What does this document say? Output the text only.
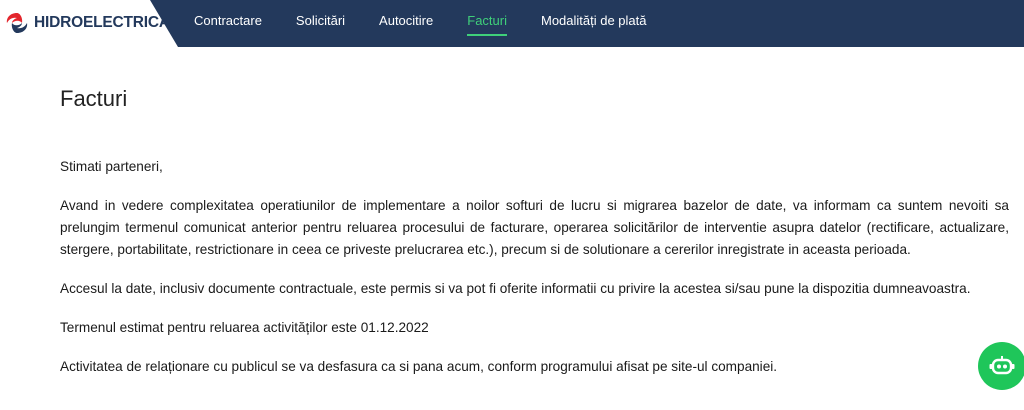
HIDROELECTRICA Contractare	Solicitări	Autocitire	Facturi	Modalități de plată
Facturi

Stimati parteneri,

Avand in vedere complexitatea operatiunilor de implementare a noilor softuri de lucru si migrarea bazelor de date, va informam ca suntem nevoiti sa prelungim termenul comunicat anterior pentru reluarea procesului de facturare, operarea solicitărilor de interventie asupra datelor (rectificare, actualizare, stergere, portabilitate, restrictionare in ceea ce priveste prelucrarea etc.), precum si de solutionare a cererilor inregistrate in aceasta perioada.

Accesul la date, inclusiv documente contractuale, este permis si va pot fi oferite informatii cu privire la acestea si/sau pune la dispozitia dumneavoastra.

Termenul estimat pentru reluarea activităților este 01.12.2022

Activitatea de relaționare cu publicul se va desfasura ca si pana acum, conform programului afisat pe site-ul companiei.
